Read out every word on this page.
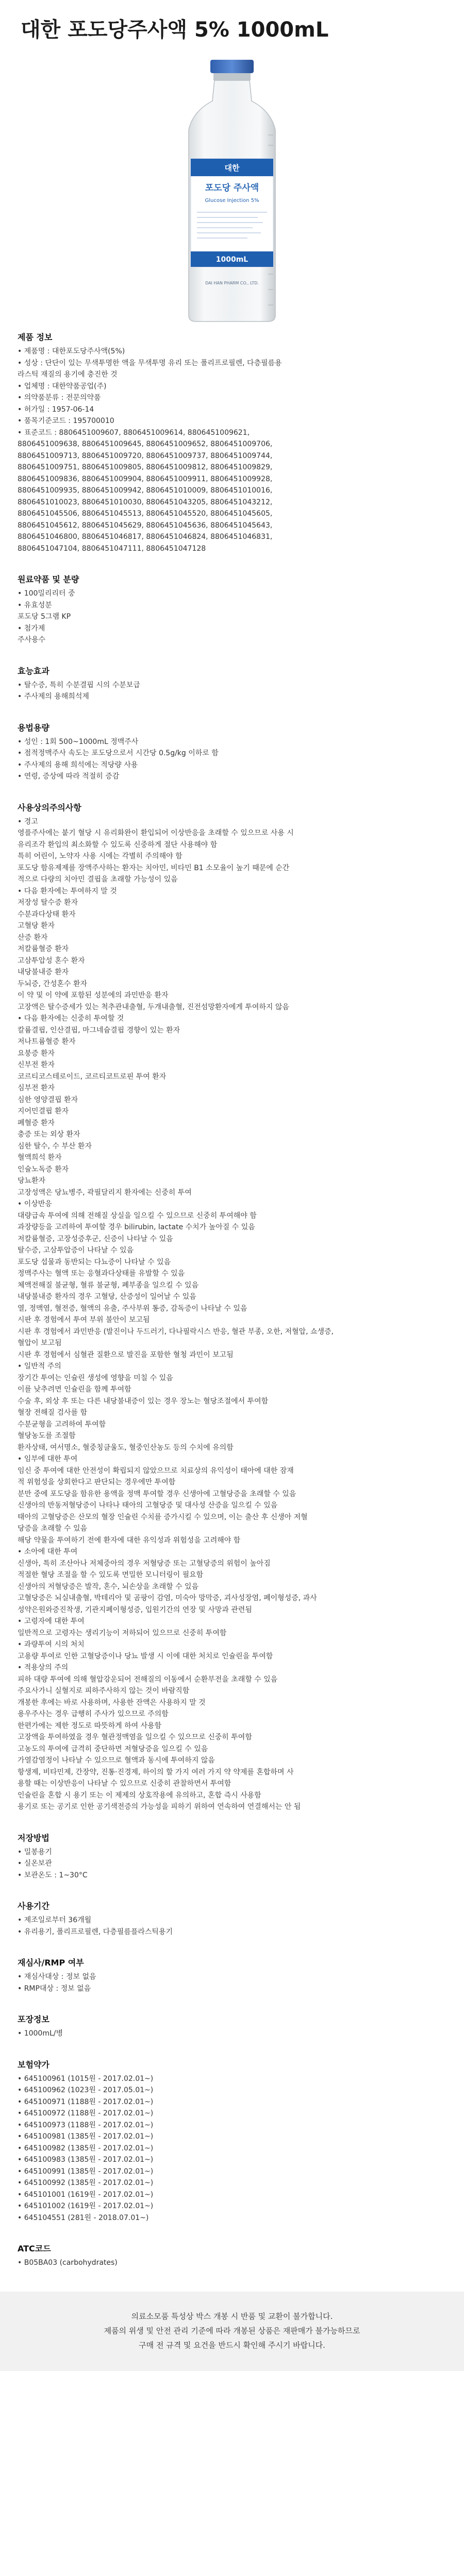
대한 포도당주사액 5% 1000mL
대한
포도당 주사액
Glucose Injection 5%
1000mL
DAI HAN PHARM CO., LTD.
제품 정보

• 제품명 : 대한포도당주사액(5%)

• 성상 : 단단이 있는 무색투명한 액을 무색투명 유리 또는 폴리프로필렌, 다층필름용

라스틱 재질의 용기에 충진한 것

• 업체명 : 대한약품공업(주)

• 의약품분류 : 전문의약품

• 허가일 : 1957-06-14

• 품목기준코드 : 195700010

• 표준코드 : 8806451009607, 8806451009614, 8806451009621,

8806451009638, 8806451009645, 8806451009652, 8806451009706,

8806451009713, 8806451009720, 8806451009737, 8806451009744,

8806451009751, 8806451009805, 8806451009812, 8806451009829,

8806451009836, 8806451009904, 8806451009911, 8806451009928,

8806451009935, 8806451009942, 8806451010009, 8806451010016,

8806451010023, 8806451010030, 8806451043205, 8806451043212,

8806451045506, 8806451045513, 8806451045520, 8806451045605,

8806451045612, 8806451045629, 8806451045636, 8806451045643,

8806451046800, 8806451046817, 8806451046824, 8806451046831,

8806451047104, 8806451047111, 8806451047128

원료약품 및 분량

• 100밀리리터 중

• 유효성분

포도당 5그램 KP

• 첨가제

주사용수

효능효과

• 탈수증, 특히 수분결핍 시의 수분보급

• 주사제의 용해희석제

용법용량

• 성인 : 1회 500~1000mL 정맥주사

• 점적정맥주사 속도는 포도당으로서 시간당 0.5g/kg 이하로 함

• 주사제의 용해 희석에는 적당량 사용

• 연령, 증상에 따라 적절히 증감

사용상의주의사항

• 경고

영플주사에는 붙기 혈당 시 유리화완이 환입되어 이상반응을 초래할 수 있으므로 사용 시

유리조각 환입의 최소화할 수 있도록 신중하게 절단 사용해야 함

특히 어린이, 노약자 사용 시에는 각별히 주의해야 함

포도당 함유제제를 장액주사하는 환자는 치아민, 비타민 B1 소모율이 높기 때문에 순간

적으로 다량의 치아민 결핍을 초래할 가능성이 있음

• 다음 환자에는 투여하지 말 것

저장성 탈수증 환자

수분과다상태 환자

고혈당 환자

산증 환자

저칼륨혈증 환자

고삼투압성 혼수 환자

내당불내증 환자

두뇌증, 간성혼수 환자

이 약 및 이 약에 포함된 성분에의 과민반응 환자

고장액은 탈수증세가 있는 척추관내출혈, 두개내출혈, 진전섬망환자에게 투여하지 않음

• 다음 환자에는 신중히 투여할 것

칼륨결핍, 인산결핍, 마그네슘결핍 경향이 있는 환자

저나트륨혈증 환자

요붕증 환자

신부전 환자

코르티코스테로이드, 코르티코트로핀 투여 환자

심부전 환자

심한 영양결핍 환자

지어민결핍 환자

폐혈증 환자

충증 또는 외상 환자

심한 탈수, 수 부산 환자

혈액희석 환자

인슐노독증 환자

당뇨환자

고장성액은 당뇨병주, 곽필달리지 환자에는 신중히 투여

• 이상반응

대량급속 투여에 의해 전해질 상실을 일으킬 수 있으므로 신중히 투여해야 함

과장량등을 고려하여 투여할 경우 bilirubin, lactate 수치가 높아질 수 있음

저칼륨혈증, 고장성증후군, 신증이 나타날 수 있음

탈수증, 고삼투압증이 나타날 수 있음

포도당 섭물과 동반되는 다뇨증이 나타날 수 있음

정맥주사는 혈액 또는 응혈과다상태를 유발할 수 있음

체액전해질 불균형, 혈류 불균형, 폐부종을 일으킬 수 있음

내당불내증 환자의 경우 고혈당, 산증성이 일어날 수 있음

열, 정맥염, 혈전증, 혈액의 유출, 주사부위 통증, 감독증이 나타날 수 있음

시판 후 경험에서 투여 부위 불안이 보고됨

시판 후 경험에서 과민반응 (발진이나 두드러기, 다나필락시스 반응, 혈관 부종, 오한, 저혈압, 쇼생증,

혈압이 보고됨

시판 후 경험에서 심혈관 질환으로 발진을 포함한 혈청 과민이 보고됨

• 일반적 주의

장기간 투여는 인슐린 생성에 영향을 미칠 수 있음

이를 낮추려면 인슐린을 함께 투여함

수술 후, 외상 후 또는 다른 내당불내증이 있는 경우 장노는 혈당조절에서 투여함

혈장 전해질 검사를 함

수분균형을 고려하여 투여함

혈당농도를 조절함

환자상태, 여서명소, 혈중칭클울도, 혈중인산농도 등의 수치에 유의함

• 임부에 대한 투여

임신 중 투여에 대한 안전성이 확립되지 않았으므로 치료상의 유익성이 태아에 대한 잠재

적 위험성을 상회한다고 판단되는 경우에만 투여함

분만 중에 포도당을 함유한 용액을 정맥 투여할 경우 신생아에 고혈당증을 초래할 수 있음

신생아의 반동저혈당증이 나타나 태아의 고혈당증 및 대사성 산증을 일으킬 수 있음

태아의 고혈당증은 산모의 혈장 인슐린 수치를 증가시킬 수 있으며, 이는 출산 후 신생아 저혈

당증을 초래할 수 있음

해당 약물을 투여하기 전에 환자에 대한 유익성과 위험성을 고려해야 함

• 소아에 대한 투여

신생아, 특히 조산아나 저체중아의 경우 저혈당증 또는 고혈당증의 위험이 높아짐

적절한 혈당 조절을 할 수 있도록 면밀한 모니터링이 필요함

신생아의 저혈당증은 발작, 혼수, 뇌손상을 초래할 수 있음

고혈당증은 뇌실내출혈, 박테리아 및 곰팡이 감염, 미숙아 망막증, 괴사성장염, 폐이형성증, 과사

성약은원와증진착생, 기관지폐이형성증, 입원기간의 연장 및 사망과 관련됨

• 고령자에 대한 투여

일반적으로 고령자는 생리기능이 저하되어 있으므로 신중히 투여함

• 과량투여 시의 처치

고용량 투여로 인한 고혈당증이나 당뇨 발생 시 이에 대한 처치로 인슐린을 투여함

• 적용상의 주의

피하 대량 투여에 의해 혈압강운되어 전해질의 이동에서 순환부전을 초래할 수 있음

주요사가니 실혈지로 피하주사하지 않는 것이 바람직함

개봉한 후에는 바로 사용하며, 사용한 잔액은 사용하지 말 것

용우주사는 경우 급행히 주사가 있으므로 주의함

한편가에는 제한 정도로 따뜻하게 하여 사용함

고장액을 투여하였을 경우 혈관정맥염을 일으킬 수 있으므로 신중히 투여함

고농도의 투여에 급격히 중단하면 저혈당증을 일으킬 수 있음

가열감염정이 나타날 수 있으므로 혈액과 동시에 투여하지 않음

항생제, 비타민제, 간장약, 진통·진경제, 하이의 할 가지 여러 가지 약 약제를 혼합하며 사

용할 때는 이상반응이 나타날 수 있으므로 신중히 관찰하면서 투여함

인슐린을 혼합 시 용기 또는 이 제제의 상호작용에 유의하고, 혼합 즉시 사용함

용기로 또는 공기로 인한 공기색전증의 가능성을 피하기 위하여 연속하여 연결해서는 안 됨

저장방법

• 밀봉용기

• 실온보관

• 보관온도 : 1~30°C

사용기간

• 제조일로부터 36개월

• 유리용기, 폴리프로필렌, 다층필름플라스틱용기

재심사/RMP 여부

• 재심사대상 : 정보 없음

• RMP대상 : 정보 없음

포장정보

• 1000mL/병

보험약가

• 645100961 (1015원 - 2017.02.01~)

• 645100962 (1023원 - 2017.05.01~)

• 645100971 (1188원 - 2017.02.01~)

• 645100972 (1188원 - 2017.02.01~)

• 645100973 (1188원 - 2017.02.01~)

• 645100981 (1385원 - 2017.02.01~)

• 645100982 (1385원 - 2017.02.01~)

• 645100983 (1385원 - 2017.02.01~)

• 645100991 (1385원 - 2017.02.01~)

• 645100992 (1385원 - 2017.02.01~)

• 645101001 (1619원 - 2017.02.01~)

• 645101002 (1619원 - 2017.02.01~)

• 645104551 (281원 - 2018.07.01~)

ATC코드

• B05BA03 (carbohydrates)

의료소모품 특성상 박스 개봉 시 반품 및 교환이 불가합니다.

제품의 위생 및 안전 관리 기준에 따라 개봉된 상품은 재판매가 불가능하므로

구매 전 규격 및 요건을 반드시 확인해 주시기 바랍니다.
